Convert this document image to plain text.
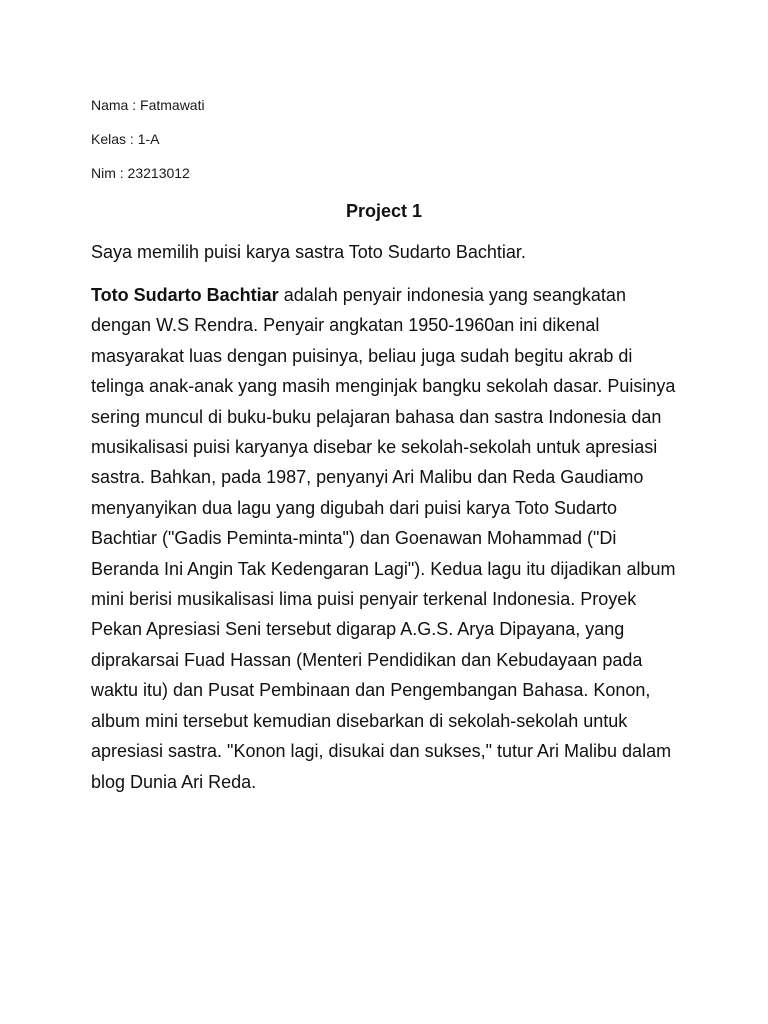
Nama : Fatmawati
Kelas : 1-A
Nim : 23213012
Project 1
Saya memilih puisi karya sastra Toto Sudarto Bachtiar.
Toto Sudarto Bachtiar adalah penyair indonesia yang seangkatan dengan W.S Rendra. Penyair angkatan 1950-1960an ini dikenal masyarakat luas dengan puisinya, beliau juga sudah begitu akrab di telinga anak-anak yang masih menginjak bangku sekolah dasar. Puisinya sering muncul di buku-buku pelajaran bahasa dan sastra Indonesia dan musikalisasi puisi karyanya disebar ke sekolah-sekolah untuk apresiasi sastra. Bahkan, pada 1987, penyanyi Ari Malibu dan Reda Gaudiamo menyanyikan dua lagu yang digubah dari puisi karya Toto Sudarto Bachtiar ("Gadis Peminta-minta") dan Goenawan Mohammad ("Di Beranda Ini Angin Tak Kedengaran Lagi"). Kedua lagu itu dijadikan album mini berisi musikalisasi lima puisi penyair terkenal Indonesia. Proyek Pekan Apresiasi Seni tersebut digarap A.G.S. Arya Dipayana, yang diprakarsai Fuad Hassan (Menteri Pendidikan dan Kebudayaan pada waktu itu) dan Pusat Pembinaan dan Pengembangan Bahasa. Konon, album mini tersebut kemudian disebarkan di sekolah-sekolah untuk apresiasi sastra. "Konon lagi, disukai dan sukses," tutur Ari Malibu dalam blog Dunia Ari Reda.
